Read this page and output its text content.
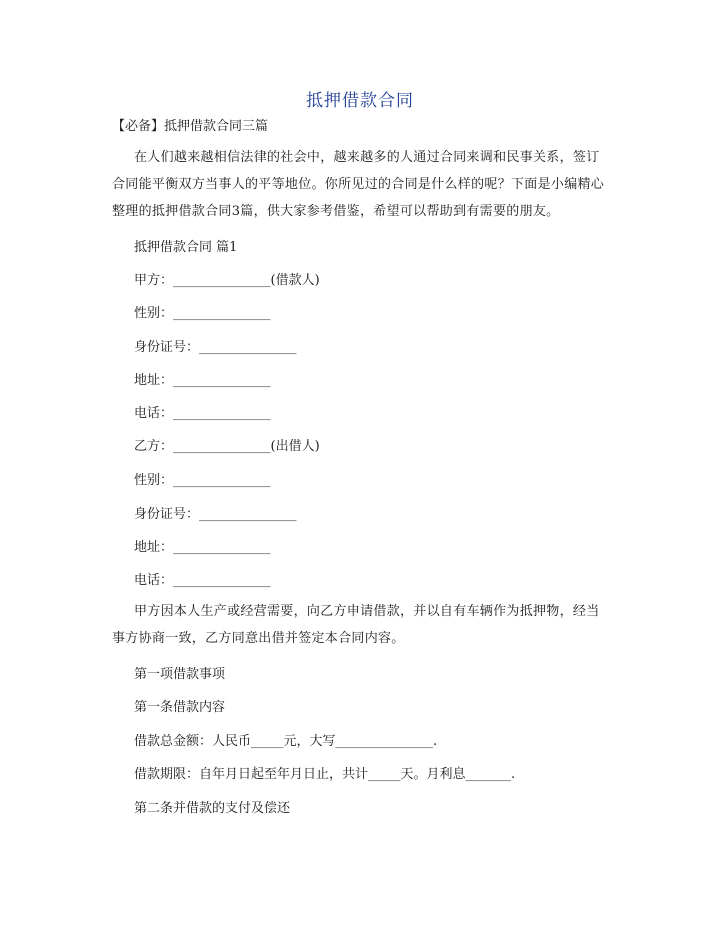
抵押借款合同
【必备】抵押借款合同三篇
在人们越来越相信法律的社会中，越来越多的人通过合同来调和民事关系，签订合同能平衡双方当事人的平等地位。你所见过的合同是什么样的呢？下面是小编精心整理的抵押借款合同3篇，供大家参考借鉴，希望可以帮助到有需要的朋友。
抵押借款合同 篇1
甲方：_______________(借款人)
性别：_______________
身份证号：_______________
地址：_______________
电话：_______________
乙方：_______________(出借人)
性别：_______________
身份证号：_______________
地址：_______________
电话：_______________
甲方因本人生产或经营需要，向乙方申请借款，并以自有车辆作为抵押物，经当事方协商一致，乙方同意出借并签定本合同内容。
第一项借款事项
第一条借款内容
借款总金额：人民币_____元，大写_______________.
借款期限：自年月日起至年月日止，共计_____天。月利息_______.
第二条并借款的支付及偿还
